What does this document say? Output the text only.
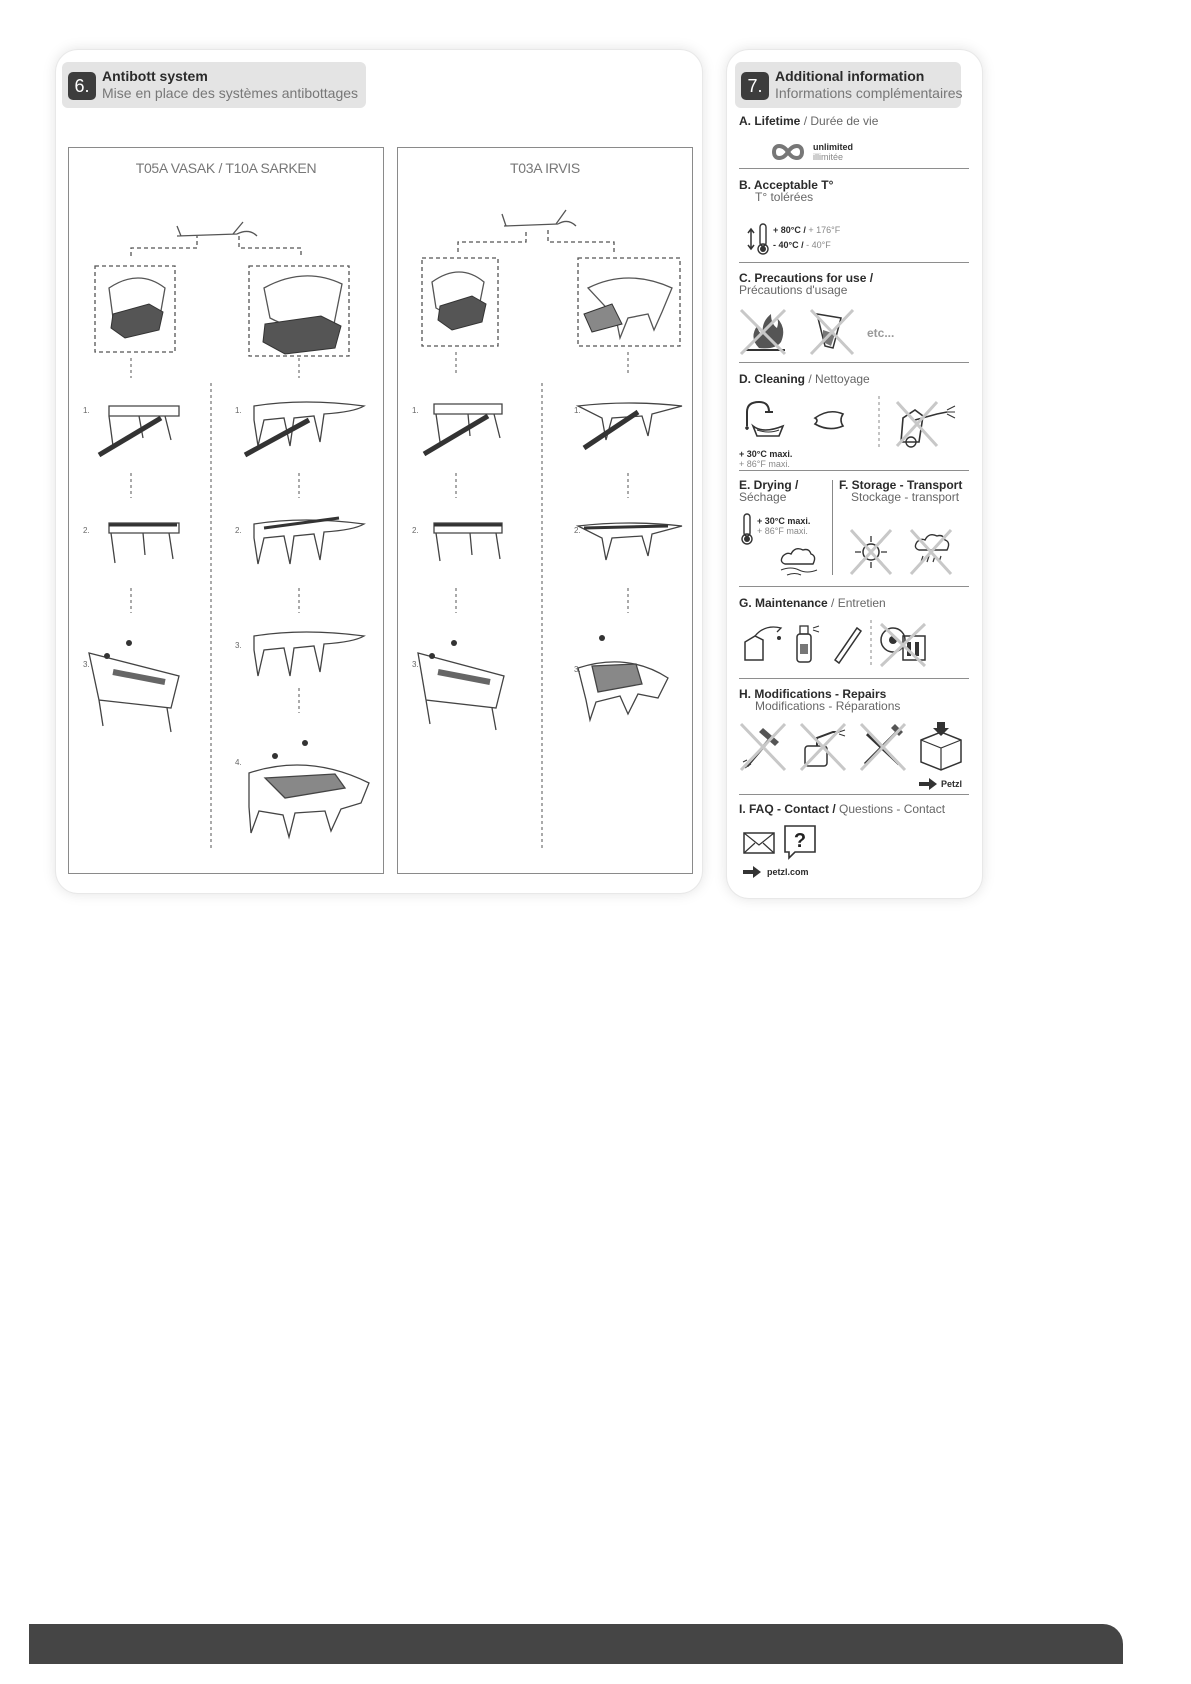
6. Antibott system
Mise en place des systèmes antibottages
T05A VASAK / T10A SARKEN
1.	1.
2.	2.
3.
3.
4.
T03A IRVIS
1.	1.
2.	2.
3.
3.
7. Additional information
Informations complémentaires
A. Lifetime / Durée de vie
unlimited
illimitée
B. Acceptable T°
T° tolérées
+ 80°C / + 176°F
- 40°C / - 40°F
C. Precautions for use /
Précautions d'usage
etc...
D. Cleaning / Nettoyage
+ 30°C maxi.
+ 86°F maxi.
E. Drying /
Séchage
F. Storage - Transport
Stockage - transport
+ 30°C maxi.
+ 86°F maxi.
G. Maintenance / Entretien
H. Modifications - Repairs
Modifications - Réparations
Petzl
I. FAQ - Contact / Questions - Contact
?
petzl.com
